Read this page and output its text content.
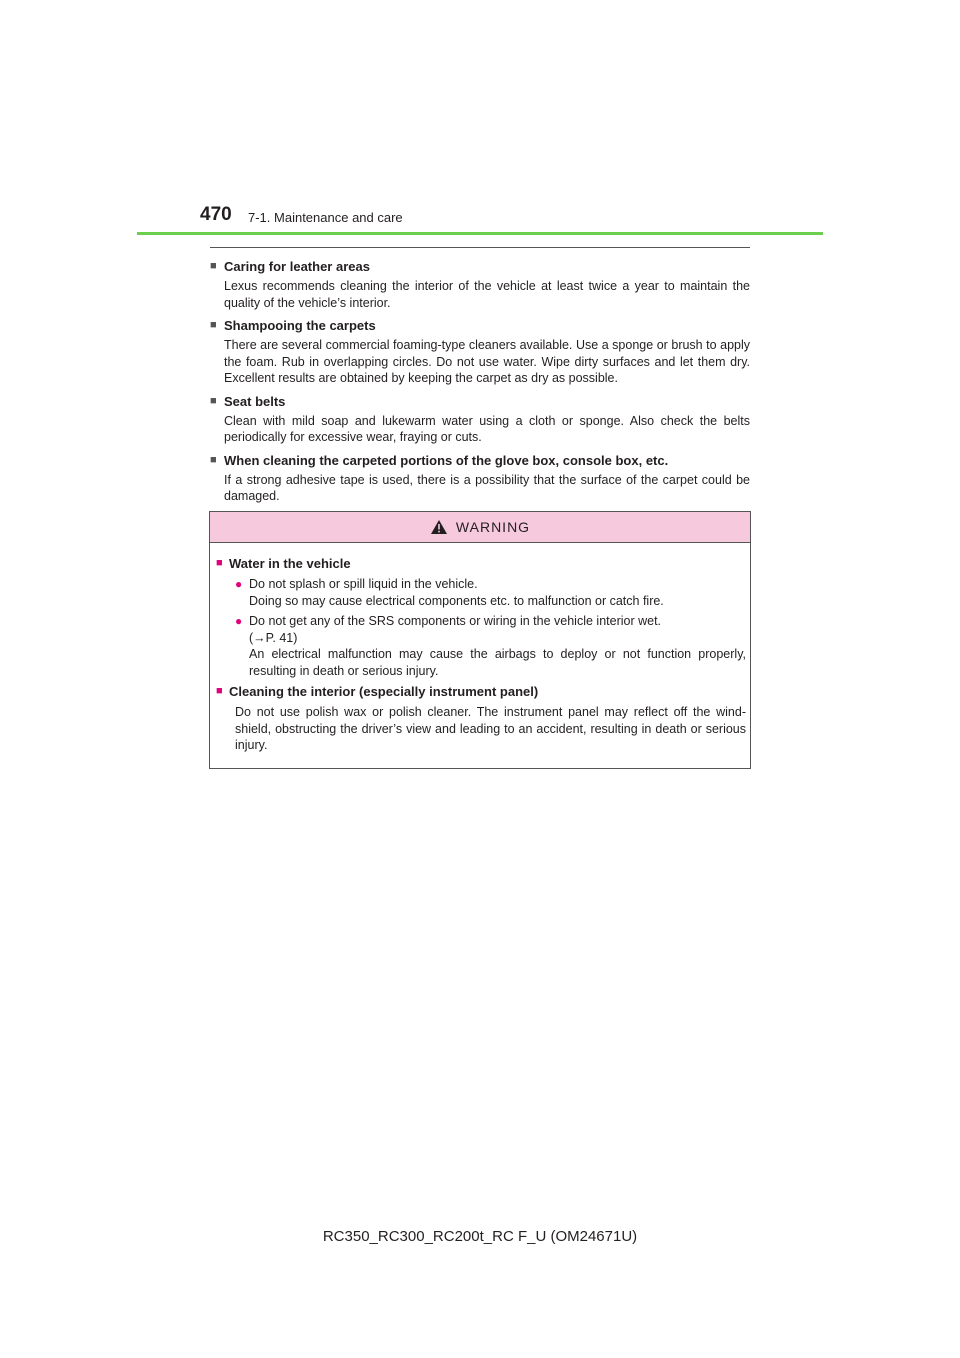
470 7-1. Maintenance and care
■ Caring for leather areas
Lexus recommends cleaning the interior of the vehicle at least twice a year to maintain the quality of the vehicle’s interior.
■ Shampooing the carpets
There are several commercial foaming-type cleaners available. Use a sponge or brush to apply the foam. Rub in overlapping circles. Do not use water. Wipe dirty surfaces and let them dry. Excellent results are obtained by keeping the carpet as dry as possible.
■ Seat belts
Clean with mild soap and lukewarm water using a cloth or sponge. Also check the belts periodically for excessive wear, fraying or cuts.
■ When cleaning the carpeted portions of the glove box, console box, etc.
If a strong adhesive tape is used, there is a possibility that the surface of the carpet could be damaged.
WARNING
■ Water in the vehicle
● Do not splash or spill liquid in the vehicle.
Doing so may cause electrical components etc. to malfunction or catch fire.
● Do not get any of the SRS components or wiring in the vehicle interior wet.
(→P. 41)
An electrical malfunction may cause the airbags to deploy or not function properly, resulting in death or serious injury.
■ Cleaning the interior (especially instrument panel)
Do not use polish wax or polish cleaner. The instrument panel may reflect off the wind-shield, obstructing the driver’s view and leading to an accident, resulting in death or serious injury.
RC350_RC300_RC200t_RC F_U (OM24671U)
